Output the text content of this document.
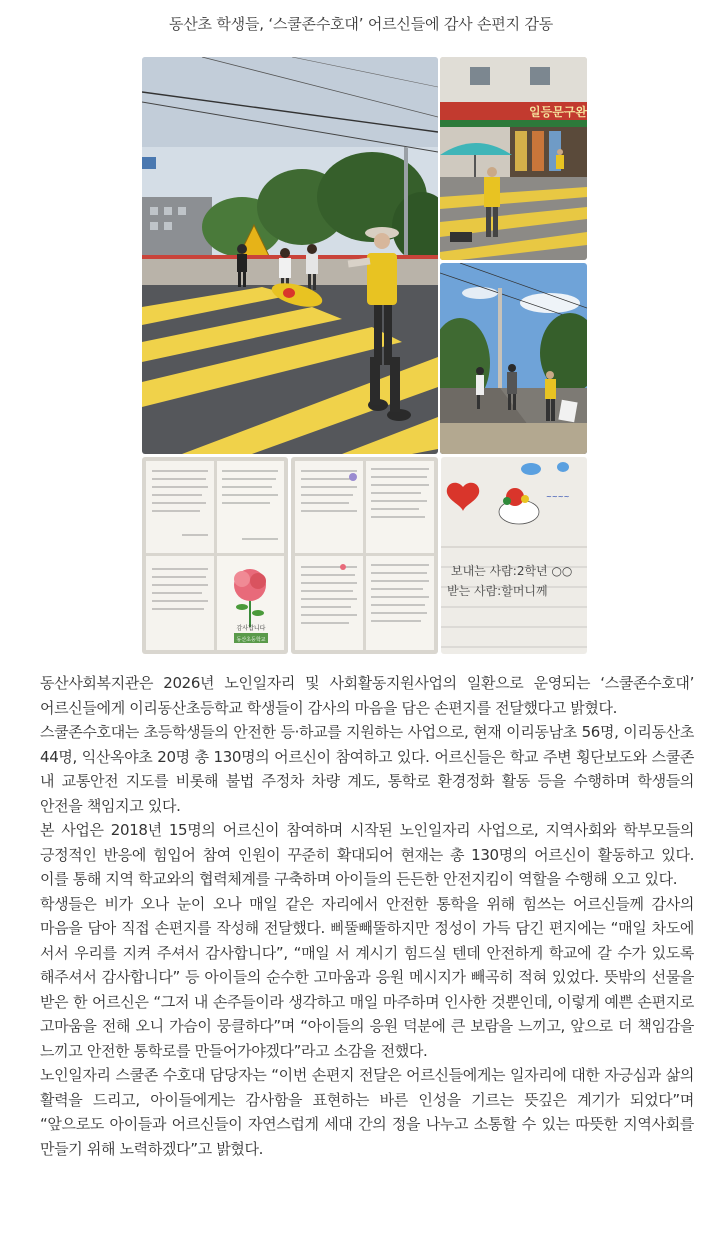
동산초 학생들, ‘스쿨존수호대’ 어르신들에 감사 손편지 감동
일등문구완
감사합니다
동산초등학교
~~~~
보내는 사람:2학년 ○○
받는 사람:할머니께

동산사회복지관은 2026년 노인일자리 및 사회활동지원사업의 일환으로 운영되는 ‘스쿨존수호대’ 어르신들에게 이리동산초등학교 학생들이 감사의 마음을 담은 손편지를 전달했다고 밝혔다.

스쿨존수호대는 초등학생들의 안전한 등·하교를 지원하는 사업으로, 현재 이리동남초 56명, 이리동산초 44명, 익산옥야초 20명 총 130명의 어르신이 참여하고 있다. 어르신들은 학교 주변 횡단보도와 스쿨존 내 교통안전 지도를 비롯해 불법 주정차 차량 계도, 통학로 환경정화 활동 등을 수행하며 학생들의 안전을 책임지고 있다.

본 사업은 2018년 15명의 어르신이 참여하며 시작된 노인일자리 사업으로, 지역사회와 학부모들의 긍정적인 반응에 힘입어 참여 인원이 꾸준히 확대되어 현재는 총 130명의 어르신이 활동하고 있다. 이를 통해 지역 학교와의 협력체계를 구축하며 아이들의 든든한 안전지킴이 역할을 수행해 오고 있다.

학생들은 비가 오나 눈이 오나 매일 같은 자리에서 안전한 통학을 위해 힘쓰는 어르신들께 감사의 마음을 담아 직접 손편지를 작성해 전달했다. 삐뚤빼뚤하지만 정성이 가득 담긴 편지에는 “매일 차도에 서서 우리를 지켜 주셔서 감사합니다”, “매일 서 계시기 힘드실 텐데 안전하게 학교에 갈 수가 있도록 해주셔서 감사합니다” 등 아이들의 순수한 고마움과 응원 메시지가 빼곡히 적혀 있었다. 뜻밖의 선물을 받은 한 어르신은 “그저 내 손주들이라 생각하고 매일 마주하며 인사한 것뿐인데, 이렇게 예쁜 손편지로 고마움을 전해 오니 가슴이 뭉클하다”며 “아이들의 응원 덕분에 큰 보람을 느끼고, 앞으로 더 책임감을 느끼고 안전한 통학로를 만들어가야겠다”라고 소감을 전했다.

노인일자리 스쿨존 수호대 담당자는 “이번 손편지 전달은 어르신들에게는 일자리에 대한 자긍심과 삶의 활력을 드리고, 아이들에게는 감사함을 표현하는 바른 인성을 기르는 뜻깊은 계기가 되었다”며 “앞으로도 아이들과 어르신들이 자연스럽게 세대 간의 정을 나누고 소통할 수 있는 따뜻한 지역사회를 만들기 위해 노력하겠다”고 밝혔다.
